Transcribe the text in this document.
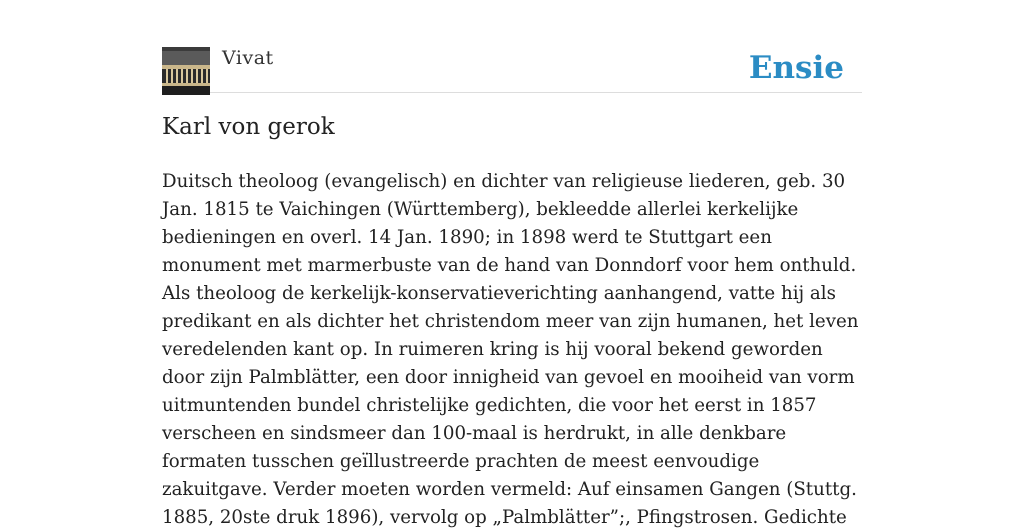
Vivat	Ensie
Karl von gerok

Duitsch theoloog (evangelisch) en dichter van religieuse liederen, geb. 30 Jan. 1815 te Vaichingen (Württemberg), bekleedde allerlei kerkelijke bedieningen en overl. 14 Jan. 1890; in 1898 werd te Stuttgart een monument met marmerbuste van de hand van Donndorf voor hem onthuld. Als theoloog de kerkelijk-konservatieverichting aanhangend, vatte hij als predikant en als dichter het christendom meer van zijn humanen, het leven veredelenden kant op. In ruimeren kring is hij vooral bekend geworden door zijn Palmblätter, een door innigheid van gevoel en mooiheid van vorm uitmuntenden bundel christelijke gedichten, die voor het eerst in 1857 verscheen en sindsmeer dan 100-maal is herdrukt, in alle denkbare formaten tusschen geïllustreerde prachten de meest eenvoudige zakuitgave. Verder moeten worden vermeld: Auf einsamen Gangen (Stuttg. 1885, 20ste druk 1896), vervolg op „Palmblätter”;, Pfingstrosen. Gedichte
